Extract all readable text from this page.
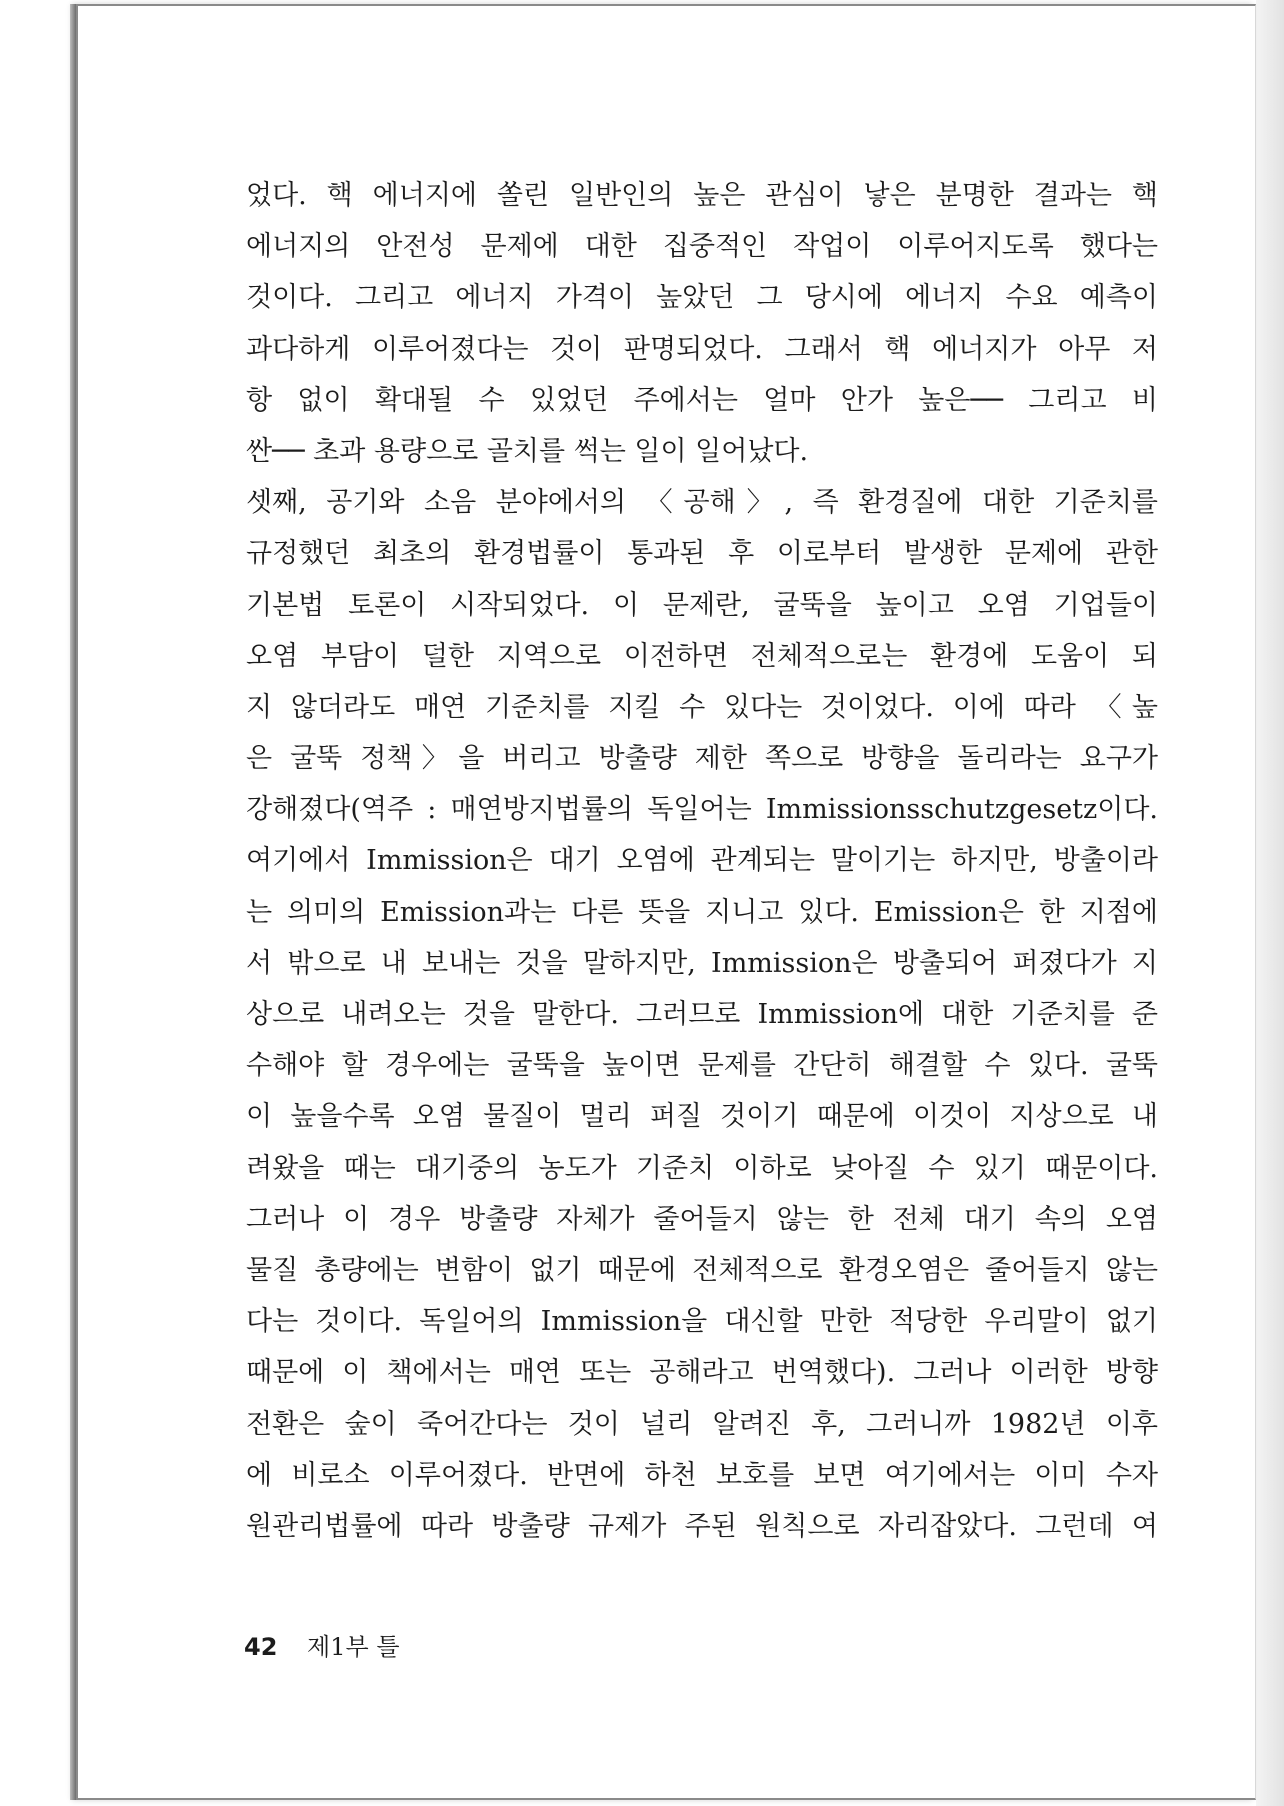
었다. 핵 에너지에 쏠린 일반인의 높은 관심이 낳은 분명한 결과는 핵
에너지의 안전성 문제에 대한 집중적인 작업이 이루어지도록 했다는
것이다. 그리고 에너지 가격이 높았던 그 당시에 에너지 수요 예측이
과다하게 이루어졌다는 것이 판명되었다. 그래서 핵 에너지가 아무 저
항 없이 확대될 수 있었던 주에서는 얼마 안가 높은── 그리고 비
싼── 초과 용량으로 골치를 썩는 일이 일어났다.
셋째, 공기와 소음 분야에서의 〈공해〉, 즉 환경질에 대한 기준치를
규정했던 최초의 환경법률이 통과된 후 이로부터 발생한 문제에 관한
기본법 토론이 시작되었다. 이 문제란, 굴뚝을 높이고 오염 기업들이
오염 부담이 덜한 지역으로 이전하면 전체적으로는 환경에 도움이 되
지 않더라도 매연 기준치를 지킬 수 있다는 것이었다. 이에 따라 〈높
은 굴뚝 정책〉을 버리고 방출량 제한 쪽으로 방향을 돌리라는 요구가
강해졌다(역주 : 매연방지법률의 독일어는 Immissionsschutzgesetz이다.
여기에서 Immission은 대기 오염에 관계되는 말이기는 하지만, 방출이라
는 의미의 Emission과는 다른 뜻을 지니고 있다. Emission은 한 지점에
서 밖으로 내 보내는 것을 말하지만, Immission은 방출되어 퍼졌다가 지
상으로 내려오는 것을 말한다. 그러므로 Immission에 대한 기준치를 준
수해야 할 경우에는 굴뚝을 높이면 문제를 간단히 해결할 수 있다. 굴뚝
이 높을수록 오염 물질이 멀리 퍼질 것이기 때문에 이것이 지상으로 내
려왔을 때는 대기중의 농도가 기준치 이하로 낮아질 수 있기 때문이다.
그러나 이 경우 방출량 자체가 줄어들지 않는 한 전체 대기 속의 오염
물질 총량에는 변함이 없기 때문에 전체적으로 환경오염은 줄어들지 않는
다는 것이다. 독일어의 Immission을 대신할 만한 적당한 우리말이 없기
때문에 이 책에서는 매연 또는 공해라고 번역했다). 그러나 이러한 방향
전환은 숲이 죽어간다는 것이 널리 알려진 후, 그러니까 1982년 이후
에 비로소 이루어졌다. 반면에 하천 보호를 보면 여기에서는 이미 수자
원관리법률에 따라 방출량 규제가 주된 원칙으로 자리잡았다. 그런데 여
42 제1부 틀
